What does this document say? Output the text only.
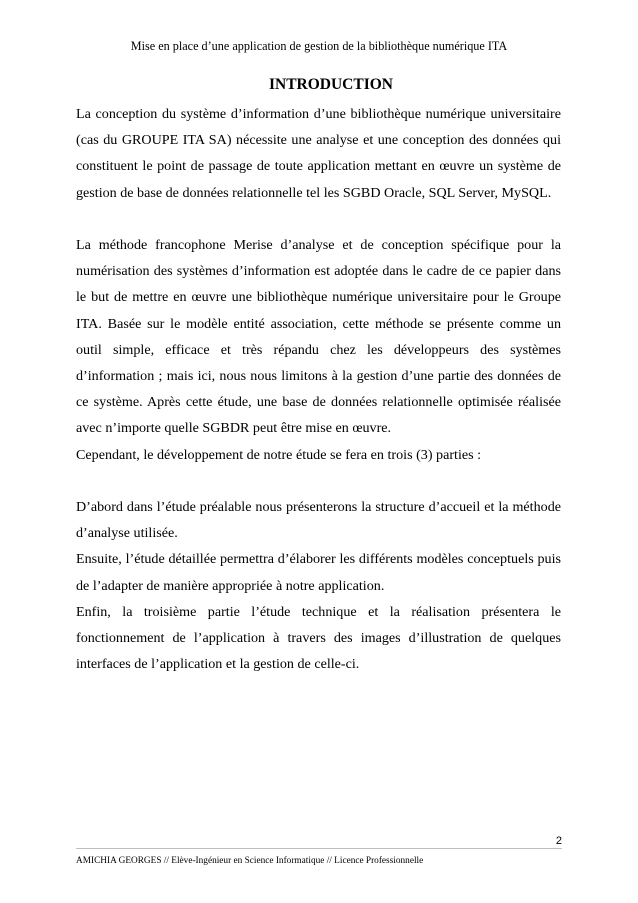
Mise en place d’une application de gestion de la bibliothèque numérique ITA
INTRODUCTION

La conception du système d’information d’une bibliothèque numérique universitaire (cas du GROUPE ITA SA) nécessite une analyse et une conception des données qui constituent le point de passage de toute application mettant en œuvre un système de gestion de base de données relationnelle tel les SGBD Oracle, SQL Server, MySQL.

La méthode francophone Merise d’analyse et de conception spécifique pour la numérisation des systèmes d’information est adoptée dans le cadre de ce papier dans le but de mettre en œuvre une bibliothèque numérique universitaire pour le Groupe ITA. Basée sur le modèle entité association, cette méthode se présente comme un outil simple, efficace et très répandu chez les développeurs des systèmes d’information ; mais ici, nous nous limitons à la gestion d’une partie des données de ce système. Après cette étude, une base de données relationnelle optimisée réalisée avec n’importe quelle SGBDR peut être mise en œuvre.

Cependant, le développement de notre étude se fera en trois (3) parties :

D’abord dans l’étude préalable nous présenterons la structure d’accueil et la méthode d’analyse utilisée.

Ensuite, l’étude détaillée permettra d’élaborer les différents modèles conceptuels puis de l’adapter de manière appropriée à notre application.

Enfin, la troisième partie l’étude technique et la réalisation présentera le fonctionnement de l’application à travers des images d’illustration de quelques interfaces de l’application et la gestion de celle-ci.

2
AMICHIA GEORGES // Elève-Ingénieur en Science Informatique // Licence Professionnelle
